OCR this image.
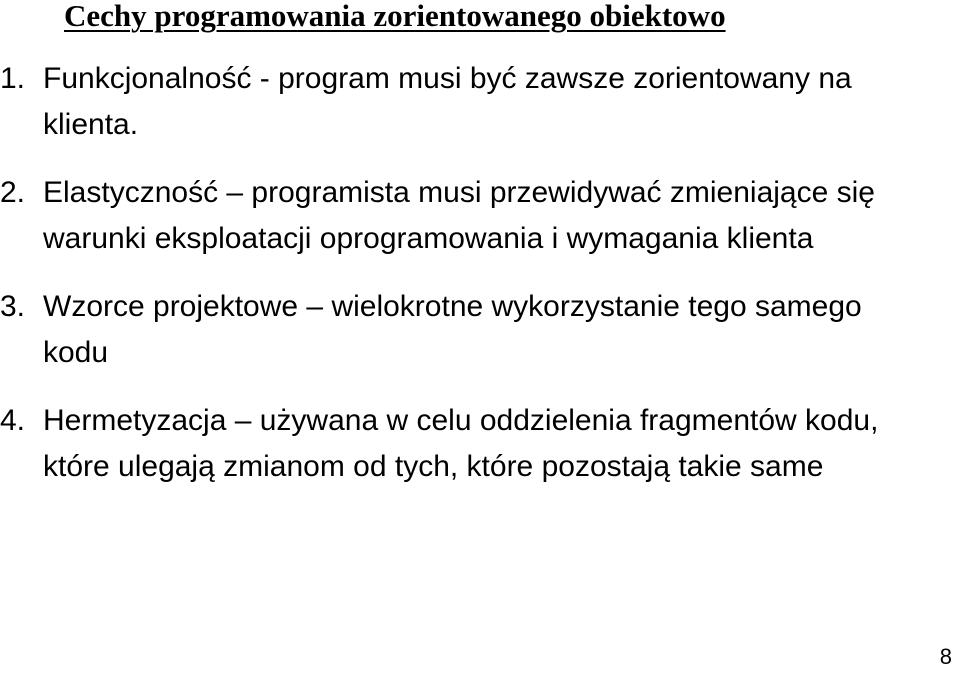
Cechy programowania zorientowanego obiektowo
1. Funkcjonalność - program musi być zawsze zorientowany na klienta.
2. Elastyczność – programista musi przewidywać zmieniające się warunki eksploatacji oprogramowania i wymagania klienta
3. Wzorce projektowe – wielokrotne wykorzystanie tego samego kodu
4. Hermetyzacja – używana w celu oddzielenia fragmentów kodu, które ulegają zmianom od tych, które pozostają takie same
8
